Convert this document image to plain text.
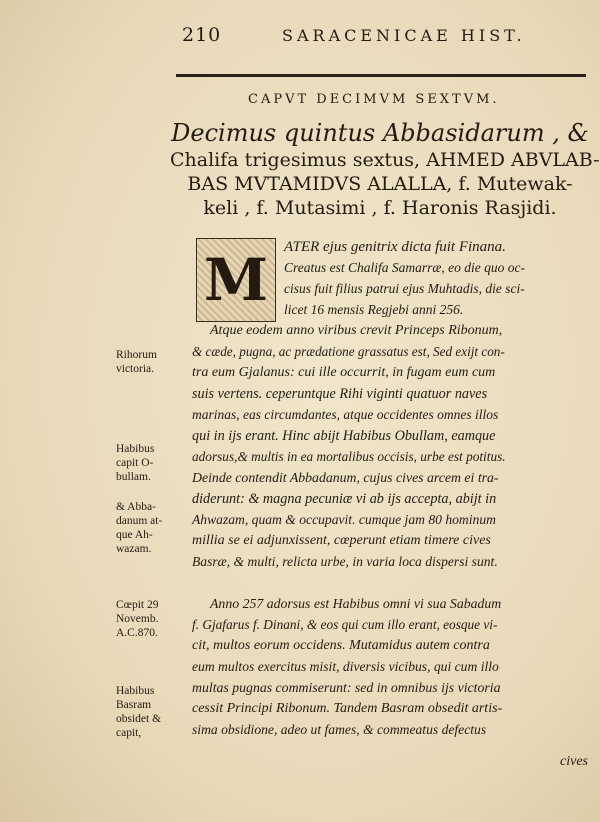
210	SARACENICAE HIST.
CAPVT DECIMVM SEXTVM.
Decimus quintus Abbasidarum , &
Chalifa trigesimus sextus, AHMED ABVLAB-
BAS MVTAMIDVS ALALLA, f. Mutewak-
keli , f. Mutasimi , f. Haronis Rasjidi.
M ATER ejus genitrix dicta fuit Finana.
Creatus est Chalifa Samarræ, eo die quo oc-
cisus fuit filius patrui ejus Muhtadis, die sci-
licet 16 mensis Regjebi anni 256.
Atque eodem anno viribus crevit Princeps Ribonum,
& cæde, pugna, ac prædatione grassatus est, Sed exijt con-
tra eum Gjalanus: cui ille occurrit, in fugam eum cum
suis vertens. ceperuntque Rihi viginti quatuor naves
marinas, eas circumdantes, atque occidentes omnes illos
qui in ijs erant. Hinc abijt Habibus Obullam, eamque
adorsus,& multis in ea mortalibus occisis, urbe est potitus.
Deinde contendit Abbadanum, cujus cives arcem ei tra-
diderunt: & magna pecuniæ vi ab ijs accepta, abijt in
Ahwazam, quam & occupavit. cumque jam 80 hominum
millia se ei adjunxissent, cœperunt etiam timere cives
Basræ, & multi, relicta urbe, in varia loca dispersi sunt.
Anno 257 adorsus est Habibus omni vi sua Sabadum
f. Gjafarus f. Dinani, & eos qui cum illo erant, eosque vi-
cit, multos eorum occidens. Mutamidus autem contra
eum multos exercitus misit, diversis vicibus, qui cum illo
multas pugnas commiserunt: sed in omnibus ijs victoria
cessit Principi Ribonum. Tandem Basram obsedit artis-
sima obsidione, adeo ut fames, & commeatus defectus
Rihorum
victoria.
Habibus
capit O-
bullam.
& Abba-
danum at-
que Ah-
wazam.
Cœpit 29
Novemb.
A.C.870.
Habibus
Basram
obsidet &
capit,
cives
